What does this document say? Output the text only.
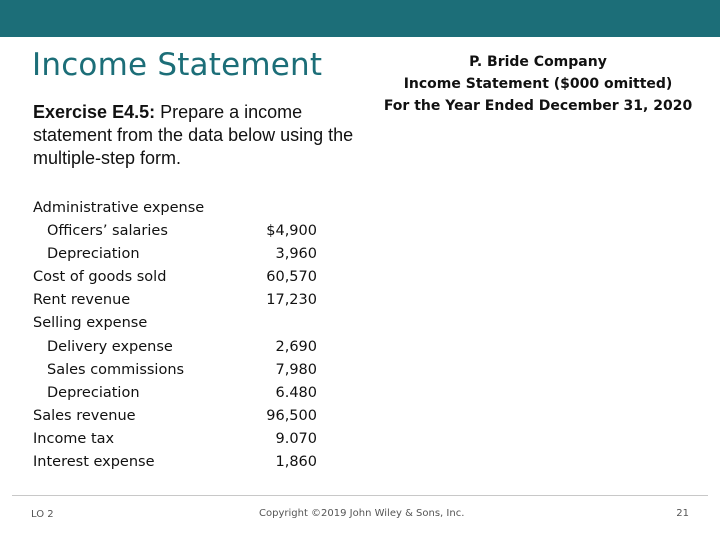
Income Statement
Exercise E4.5: Prepare a income statement from the data below using the multiple-step form.
P. Bride Company
Income Statement ($000 omitted)
For the Year Ended December 31, 2020
Administrative expense
Officers’ salaries	$4,900
Depreciation	3,960
Cost of goods sold	60,570
Rent revenue	17,230
Selling expense
Delivery expense	2,690
Sales commissions	7,980
Depreciation	6.480
Sales revenue	96,500
Income tax	9.070
Interest expense	1,860
LO 2	Copyright ©2019 John Wiley & Sons, Inc.	21
